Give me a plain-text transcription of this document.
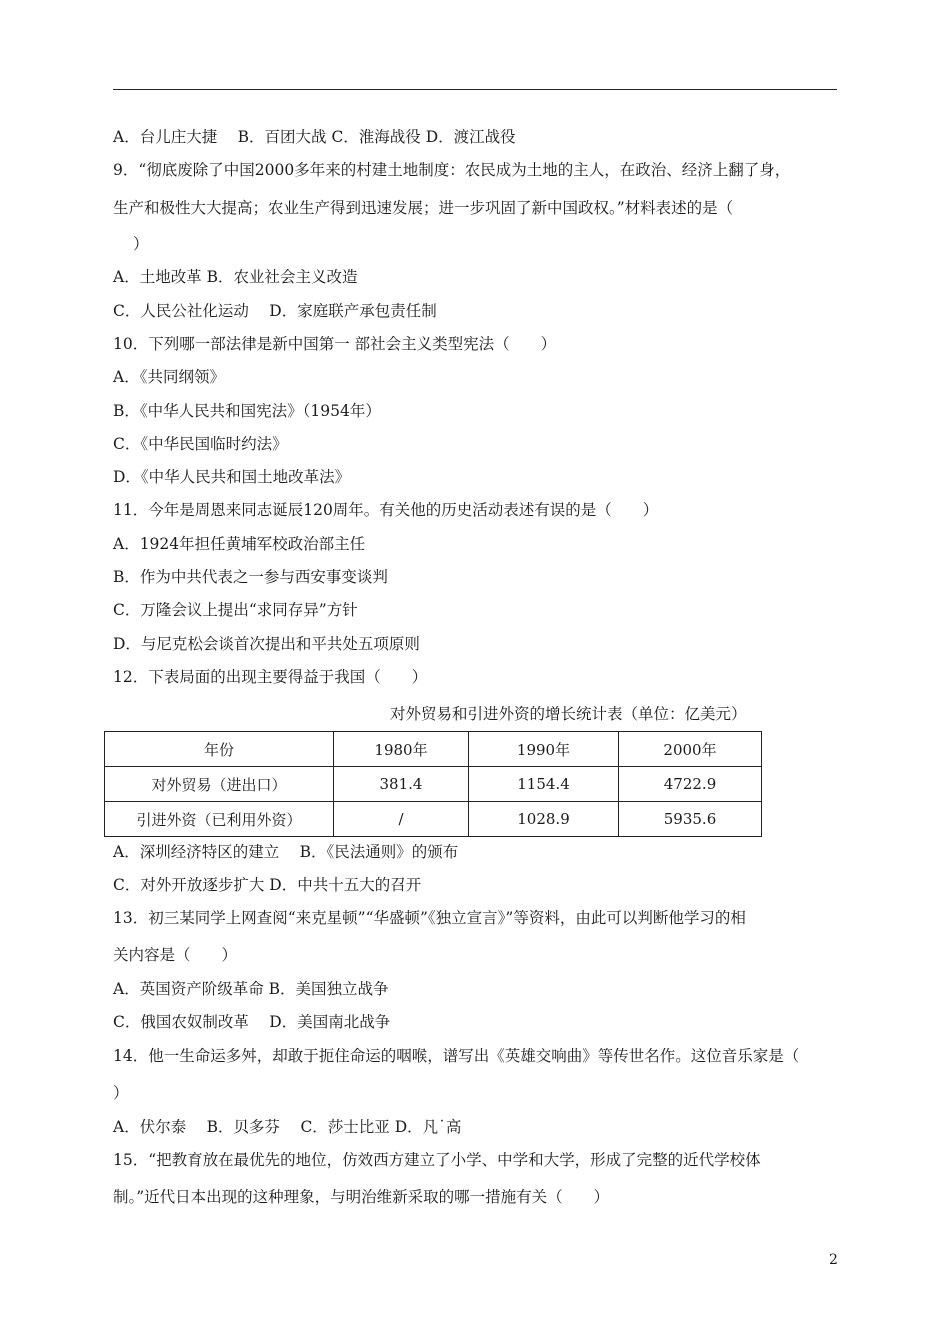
A．台儿庄大捷　 B．百团大战 C．淮海战役 D．渡江战役
9．“彻底废除了中国2000多年来的村建土地制度：农民成为土地的主人，在政治、经济上翻了身，
生产和极性大大提高；农业生产得到迅速发展；进一步巩固了新中国政权。”材料表述的是（
）
A．土地改革 B．农业社会主义改造
C．人民公社化运动　 D．家庭联产承包责任制
10．下列哪一部法律是新中国第一 部社会主义类型宪法（　　）
A．《共同纲领》
B．《中华人民共和国宪法》（1954年）
C．《中华民国临时约法》
D．《中华人民共和国土地改革法》
11．今年是周恩来同志诞辰120周年。有关他的历史活动表述有误的是（　　）
A．1924年担任黄埔军校政治部主任
B．作为中共代表之一参与西安事变谈判
C．万隆会议上提出“求同存异”方针
D．与尼克松会谈首次提出和平共处五项原则
12．下表局面的出现主要得益于我国（　　）
对外贸易和引进外资的增长统计表（单位：亿美元）
年份	1980年	1990年	2000年
对外贸易（进出口）	381.4	1154.4	4722.9
引进外资（已利用外资）	/	1028.9	5935.6
A．深圳经济特区的建立　 B．《民法通则》的颁布
C．对外开放逐步扩大 D．中共十五大的召开
13．初三某同学上网查阅“来克星顿”“华盛顿”《独立宣言》”等资料，由此可以判断他学习的相
关内容是（　　）
A．英国资产阶级革命 B．美国独立战争
C．俄国农奴制改革　 D．美国南北战争
14．他一生命运多舛，却敢于扼住命运的咽喉，谱写出《英雄交响曲》等传世名作。这位音乐家是（
）
A．伏尔泰　 B．贝多芬　 C．莎士比亚 D．凡˙高
15．“把教育放在最优先的地位，仿效西方建立了小学、中学和大学，形成了完整的近代学校体
制。”近代日本出现的这种理象，与明治维新采取的哪一措施有关（　　）
2
